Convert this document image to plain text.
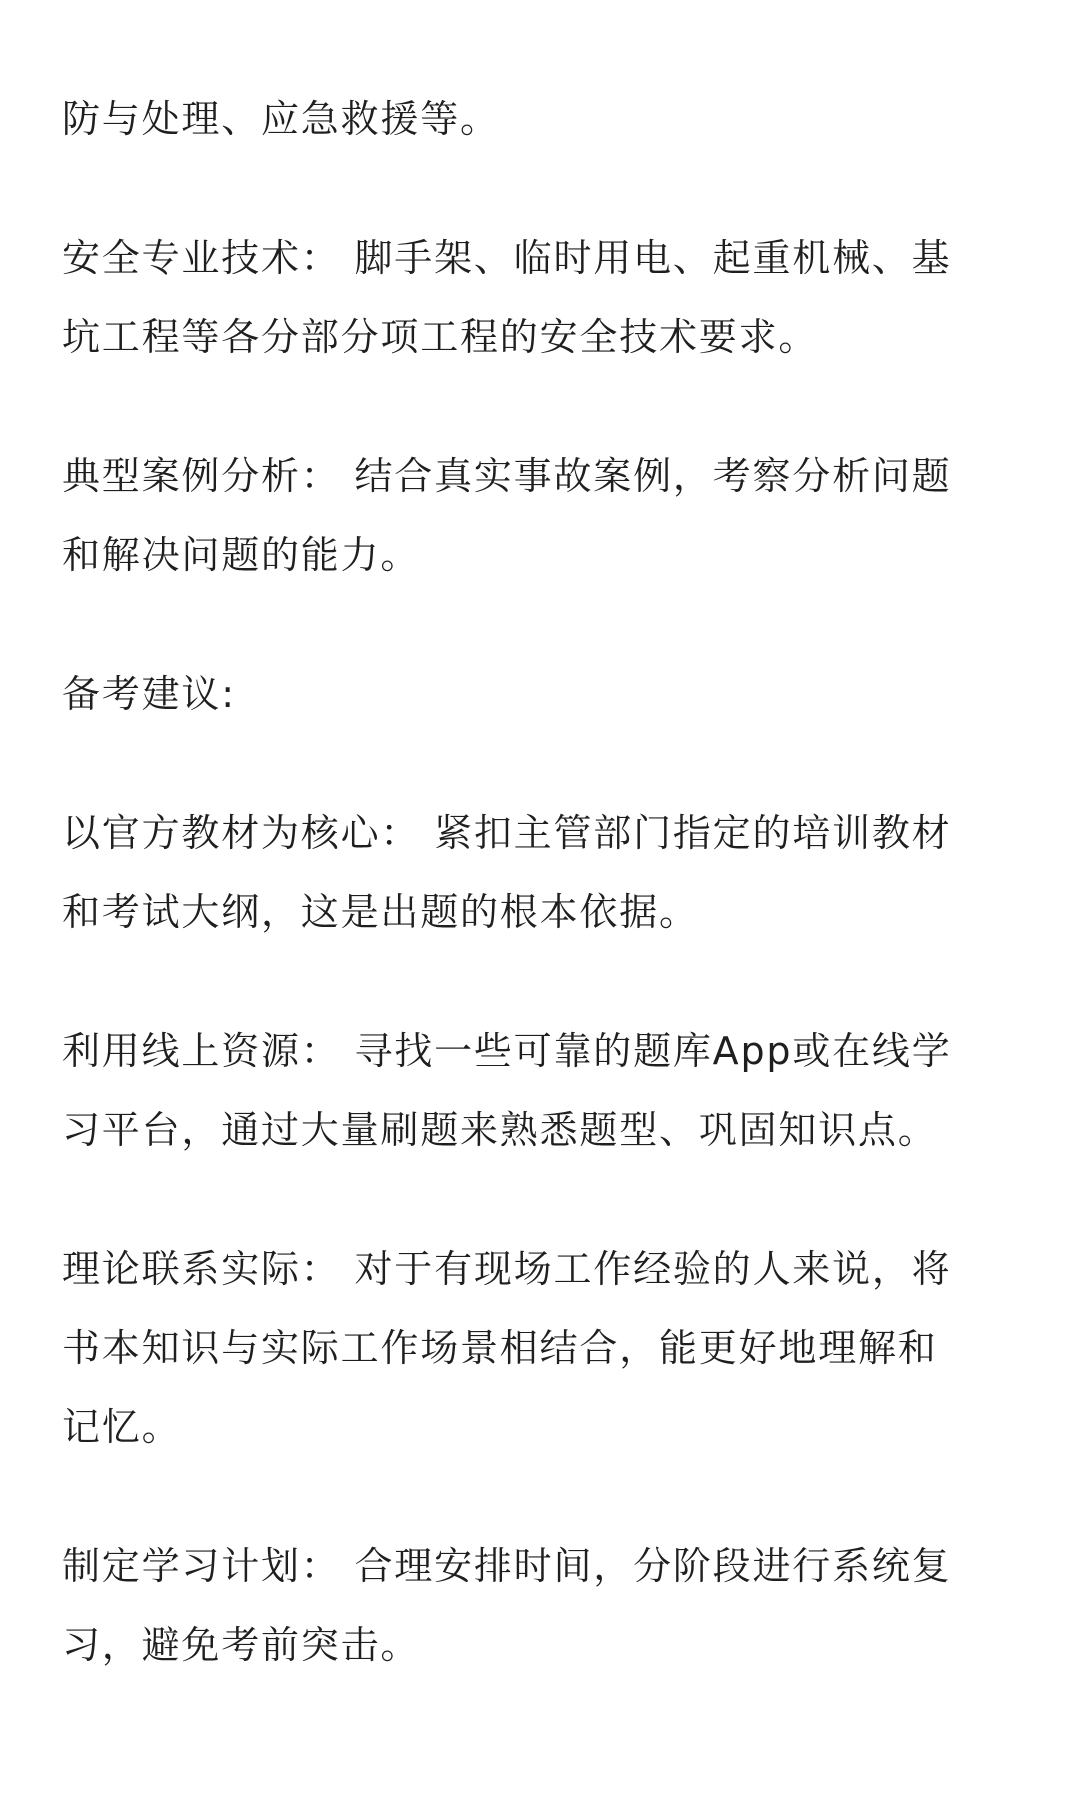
防与处理、应急救援等。

安全专业技术： 脚手架、临时用电、起重机械、基
坑工程等各分部分项工程的安全技术要求。

典型案例分析： 结合真实事故案例，考察分析问题
和解决问题的能力。

备考建议:

以官方教材为核心： 紧扣主管部门指定的培训教材
和考试大纲，这是出题的根本依据。

利用线上资源： 寻找一些可靠的题库App或在线学
习平台，通过大量刷题来熟悉题型、巩固知识点。

理论联系实际： 对于有现场工作经验的人来说，将
书本知识与实际工作场景相结合，能更好地理解和
记忆。

制定学习计划： 合理安排时间，分阶段进行系统复
习，避免考前突击。
